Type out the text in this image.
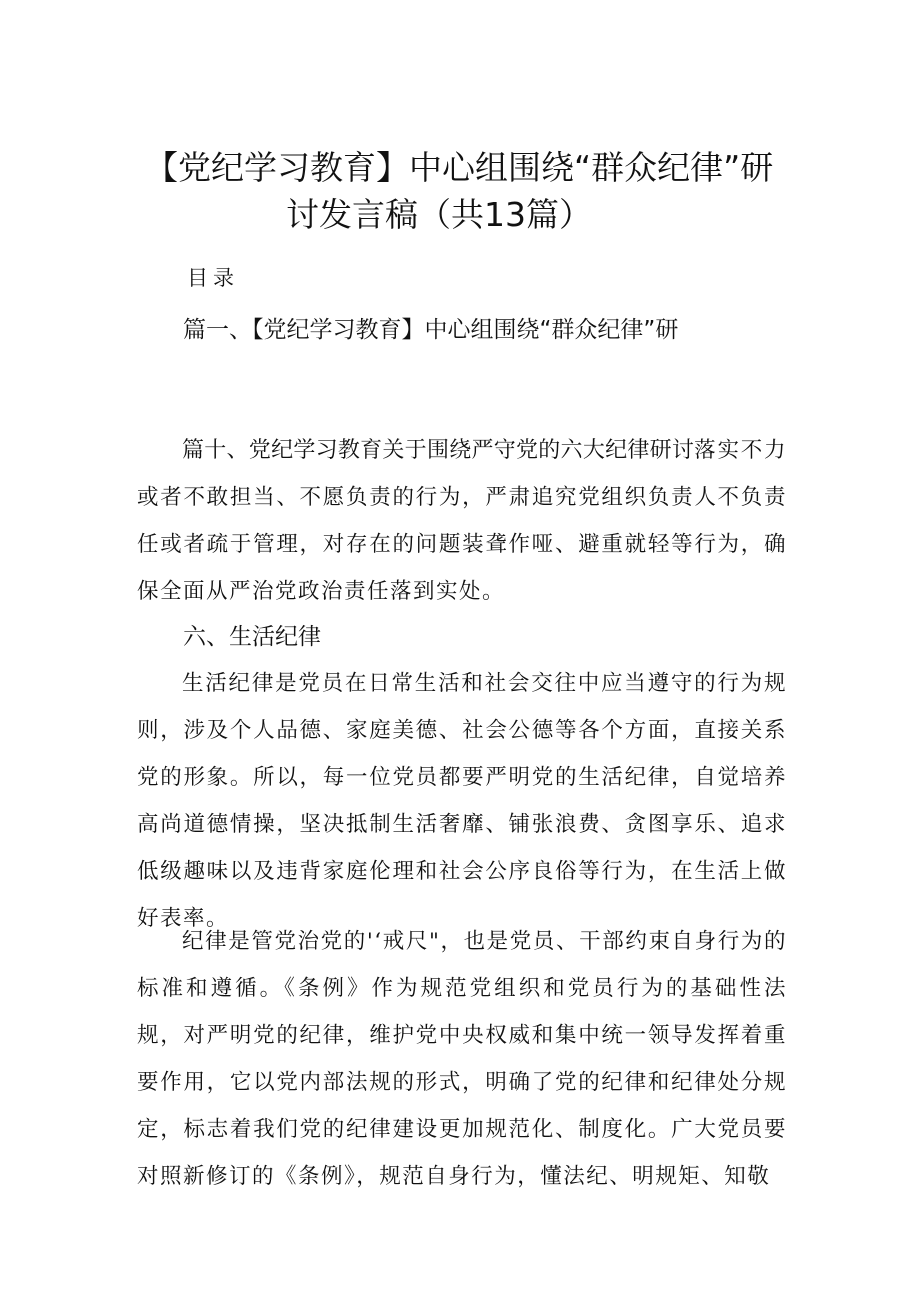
【党纪学习教育】中心组围绕“群众纪律”研
讨发言稿（共13篇）
目录
篇一、【党纪学习教育】中心组围绕“群众纪律”研

篇十、党纪学习教育关于围绕严守党的六大纪律研讨落实不力或者不敢担当、不愿负责的行为，严肃追究党组织负责人不负责任或者疏于管理，对存在的问题装聋作哑、避重就轻等行为，确保全面从严治党政治责任落到实处。

六、生活纪律

生活纪律是党员在日常生活和社会交往中应当遵守的行为规则，涉及个人品德、家庭美德、社会公德等各个方面，直接关系党的形象。所以，每一位党员都要严明党的生活纪律，自觉培养高尚道德情操，坚决抵制生活奢靡、铺张浪费、贪图享乐、追求低级趣味以及违背家庭伦理和社会公序良俗等行为，在生活上做好表率。

纪律是管党治党的'‘戒尺"，也是党员、干部约束自身行为的标准和遵循。《条例》作为规范党组织和党员行为的基础性法规，对严明党的纪律，维护党中央权威和集中统一领导发挥着重要作用，它以党内部法规的形式，明确了党的纪律和纪律处分规定，标志着我们党的纪律建设更加规范化、制度化。广大党员要对照新修订的《条例》，规范自身行为，懂法纪、明规矩、知敬
